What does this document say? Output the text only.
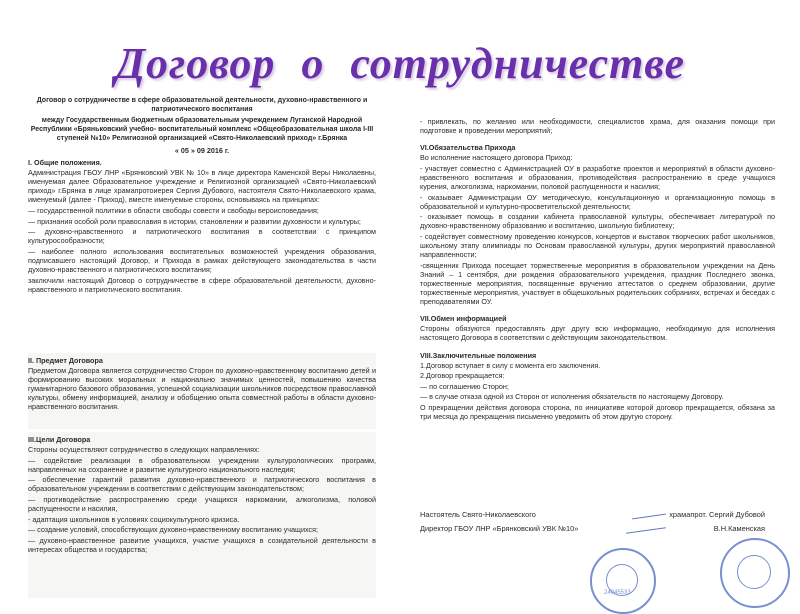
Договор о сотрудничестве

Договор о сотрудничестве в сфере образовательной деятельности, духовно-нравственного и патриотического воспитания

между Государственным бюджетным образовательным учреждением Луганской Народной Республики «Бряньковский учебно- воспитательный комплекс «Общеобразовательная школа I-III ступеней №10» Религиозной организацией «Свято-Николаевский приход» г.Брянка

« 05 » 09 2016 г.

I. Общие положения.

Администрация ГБОУ ЛНР «Брянковский УВК № 10» в лице директора Каменской Веры Николаевны, именуемая далее Образовательное учреждение и Религиозной организацией «Свято-Николаевский приход» г.Брянка в лице храмапротоиерея Сергия Дубового, настоятеля Свято-Николаевского храма, именуемый (далее - Приход), вместе именуемые стороны, основываясь на принципах:

— государственной политики в области свободы совести и свободы вероисповедания;

— признания особой роли православия в истории, становлении и развитии духовности и культуры;

— духовно-нравственного и патриотического воспитания в соответствии с принципом культуросообразности;

— наиболее полного использования воспитательных возможностей учреждения образования, подписавшего настоящий Договор, и Прихода в рамках действующего законодательства в части духовно-нравственного и патриотического воспитания;

заключили настоящий Договор о сотрудничестве в сфере образовательной деятельности, духовно-нравственного и патриотического воспитания.

II. Предмет Договора

Предметом Договора является сотрудничество Сторон по духовно-нравственному воспитанию детей и формированию высоких моральных и национально значимых ценностей, повышению качества гуманитарного базового образования, успешной социализации школьников посредством православной культуры, обмену информацией, анализу и обобщению опыта совместной работы в области духовно-нравственного воспитания.

III.Цели Договора

Стороны осуществляют сотрудничество в следующих направлениях:

— содействие реализации в образовательном учреждении культурологических программ, направленных на сохранение и развитие культурного национального наследия;

— обеспечение гарантий развития духовно-нравственного и патриотического воспитания в образовательном учреждении в соответствии с действующим законодательством;

— противодействие распространению среди учащихся наркомании, алкоголизма, половой распущенности и насилия,

- адаптация школьников в условиях социокультурного кризиса.

— создание условий, способствующих духовно-нравственному воспитанию учащихся;

— духовно-нравственное развитие учащихся, участие учащихся в созидательной деятельности в интересах общества и государства;

- привлекать, по желанию или необходимости, специалистов храма, для оказания помощи при подготовке и проведении мероприятий;

VI.Обязательства Прихода

Во исполнение настоящего договора Приход:

- участвует совместно с Администрацией ОУ в разработке проектов и мероприятий в области духовно-нравственного воспитания и образования, противодействия распространению в среде учащихся курения, алкоголизма, наркомании, половой распущенности и насилия;

- оказывает Администрации ОУ методическую, консультационную и организационную помощь в образовательной и культурно-просветительской деятельности;

- оказывает помощь в создании кабинета православной культуры, обеспечивает литературой по духовно-нравственному образованию и воспитанию, школьную библиотеку;

- содействует совместному проведению конкурсов, концертов и выставок творческих работ школьников, школьному этапу олимпиады по Основам православной культуры, других мероприятий православной направленности;

-священник Прихода посещает торжественные мероприятия в образовательном учреждении на День Знаний – 1 сентября, дни рождения образовательного учреждения, праздник Последнего звонка, торжественные мероприятия, посвященные вручению аттестатов о среднем образовании, другие торжественные мероприятия, участвует в общешкольных родительских собраниях, встречах и беседах с преподавателями ОУ.

VII.Обмен информацией

Стороны обязуются предоставлять друг другу всю информацию, необходимую для исполнения настоящего Договора в соответствии с действующим законодательством.

VIII.Заключительные положения

1.Договор вступает в силу с момента его заключения.

2.Договор прекращается:

— по соглашению Сторон;

— в случае отказа одной из Сторон от исполнения обязательств по настоящему Договору.

О прекращении действия договора сторона, по инициативе которой договор прекращается, обязана за три месяца до прекращения письменно уведомить об этом другую сторону.

Настоятель Свято-Николаевского	храмапрот. Сергий Дубовой
Директор ГБОУ ЛНР «Брянковский УВК №10»	В.Н.Каменская
24045533
